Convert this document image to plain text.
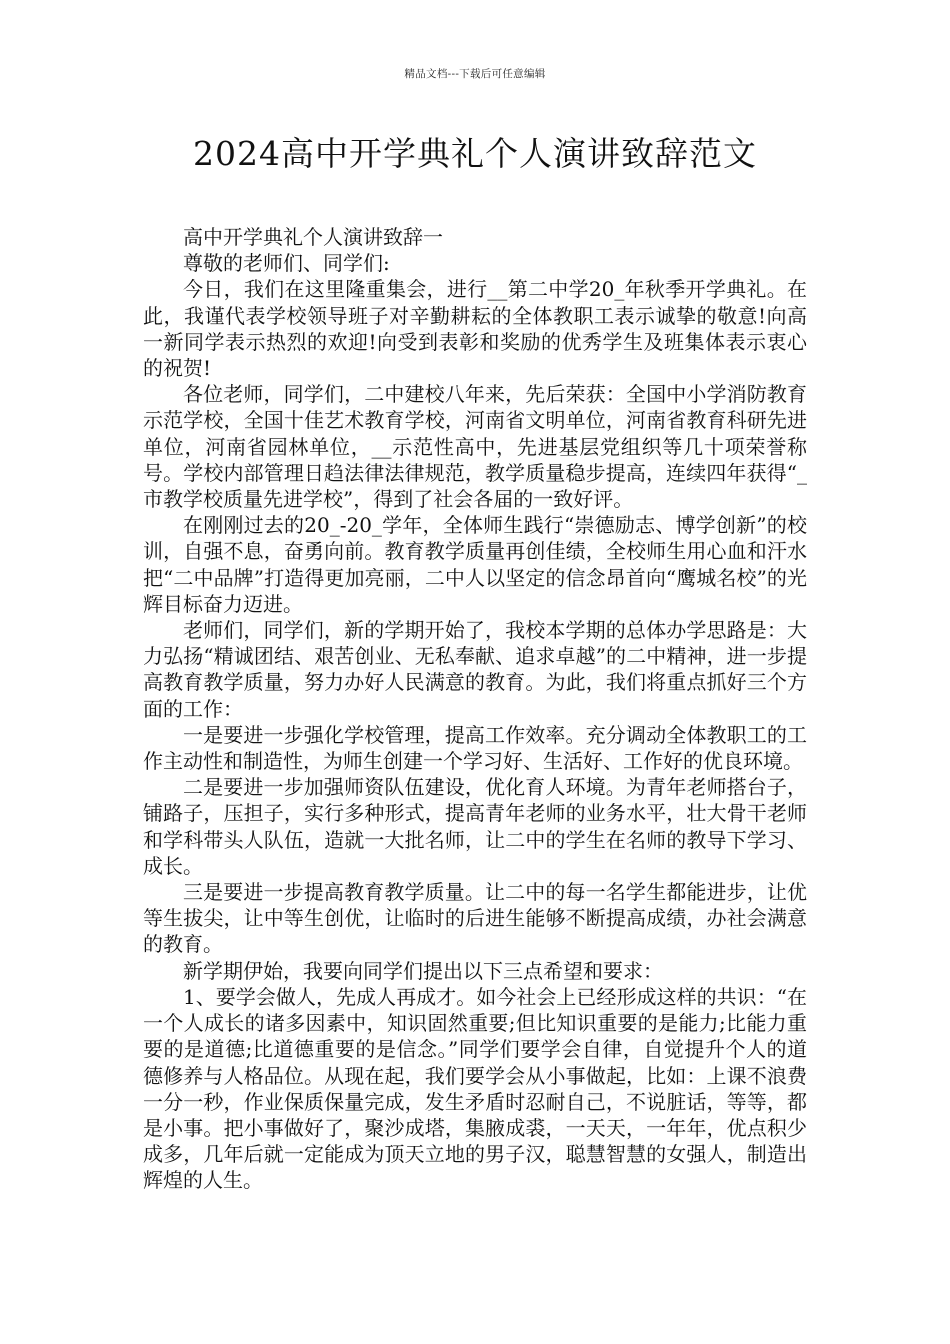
精品文档---下载后可任意编辑
2024高中开学典礼个人演讲致辞范文

高中开学典礼个人演讲致辞一

尊敬的老师们、同学们:

今日，我们在这里隆重集会，进行__第二中学20_年秋季开学典礼。在此，我谨代表学校领导班子对辛勤耕耘的全体教职工表示诚挚的敬意!向高一新同学表示热烈的欢迎!向受到表彰和奖励的优秀学生及班集体表示衷心的祝贺!

各位老师，同学们，二中建校八年来，先后荣获：全国中小学消防教育示范学校，全国十佳艺术教育学校，河南省文明单位，河南省教育科研先进单位，河南省园林单位，__示范性高中，先进基层党组织等几十项荣誉称号。学校内部管理日趋法律法律规范，教学质量稳步提高，连续四年获得“_市教学校质量先进学校”，得到了社会各届的一致好评。

在刚刚过去的20_-20_学年，全体师生践行“崇德励志、博学创新”的校训，自强不息，奋勇向前。教育教学质量再创佳绩，全校师生用心血和汗水把“二中品牌”打造得更加亮丽，二中人以坚定的信念昂首向“鹰城名校”的光辉目标奋力迈进。

老师们，同学们，新的学期开始了，我校本学期的总体办学思路是：大力弘扬“精诚团结、艰苦创业、无私奉献、追求卓越”的二中精神，进一步提高教育教学质量，努力办好人民满意的教育。为此，我们将重点抓好三个方面的工作：

一是要进一步强化学校管理，提高工作效率。充分调动全体教职工的工作主动性和制造性，为师生创建一个学习好、生活好、工作好的优良环境。

二是要进一步加强师资队伍建设，优化育人环境。为青年老师搭台子，铺路子，压担子，实行多种形式，提高青年老师的业务水平，壮大骨干老师和学科带头人队伍，造就一大批名师，让二中的学生在名师的教导下学习、成长。

三是要进一步提高教育教学质量。让二中的每一名学生都能进步，让优等生拔尖，让中等生创优，让临时的后进生能够不断提高成绩，办社会满意的教育。

新学期伊始，我要向同学们提出以下三点希望和要求：

1、要学会做人，先成人再成才。如今社会上已经形成这样的共识：“在一个人成长的诸多因素中，知识固然重要;但比知识重要的是能力;比能力重要的是道德;比道德重要的是信念。”同学们要学会自律，自觉提升个人的道德修养与人格品位。从现在起，我们要学会从小事做起，比如：上课不浪费一分一秒，作业保质保量完成，发生矛盾时忍耐自己，不说脏话，等等，都是小事。把小事做好了，聚沙成塔，集腋成裘，一天天，一年年，优点积少成多，几年后就一定能成为顶天立地的男子汉，聪慧智慧的女强人，制造出辉煌的人生。
